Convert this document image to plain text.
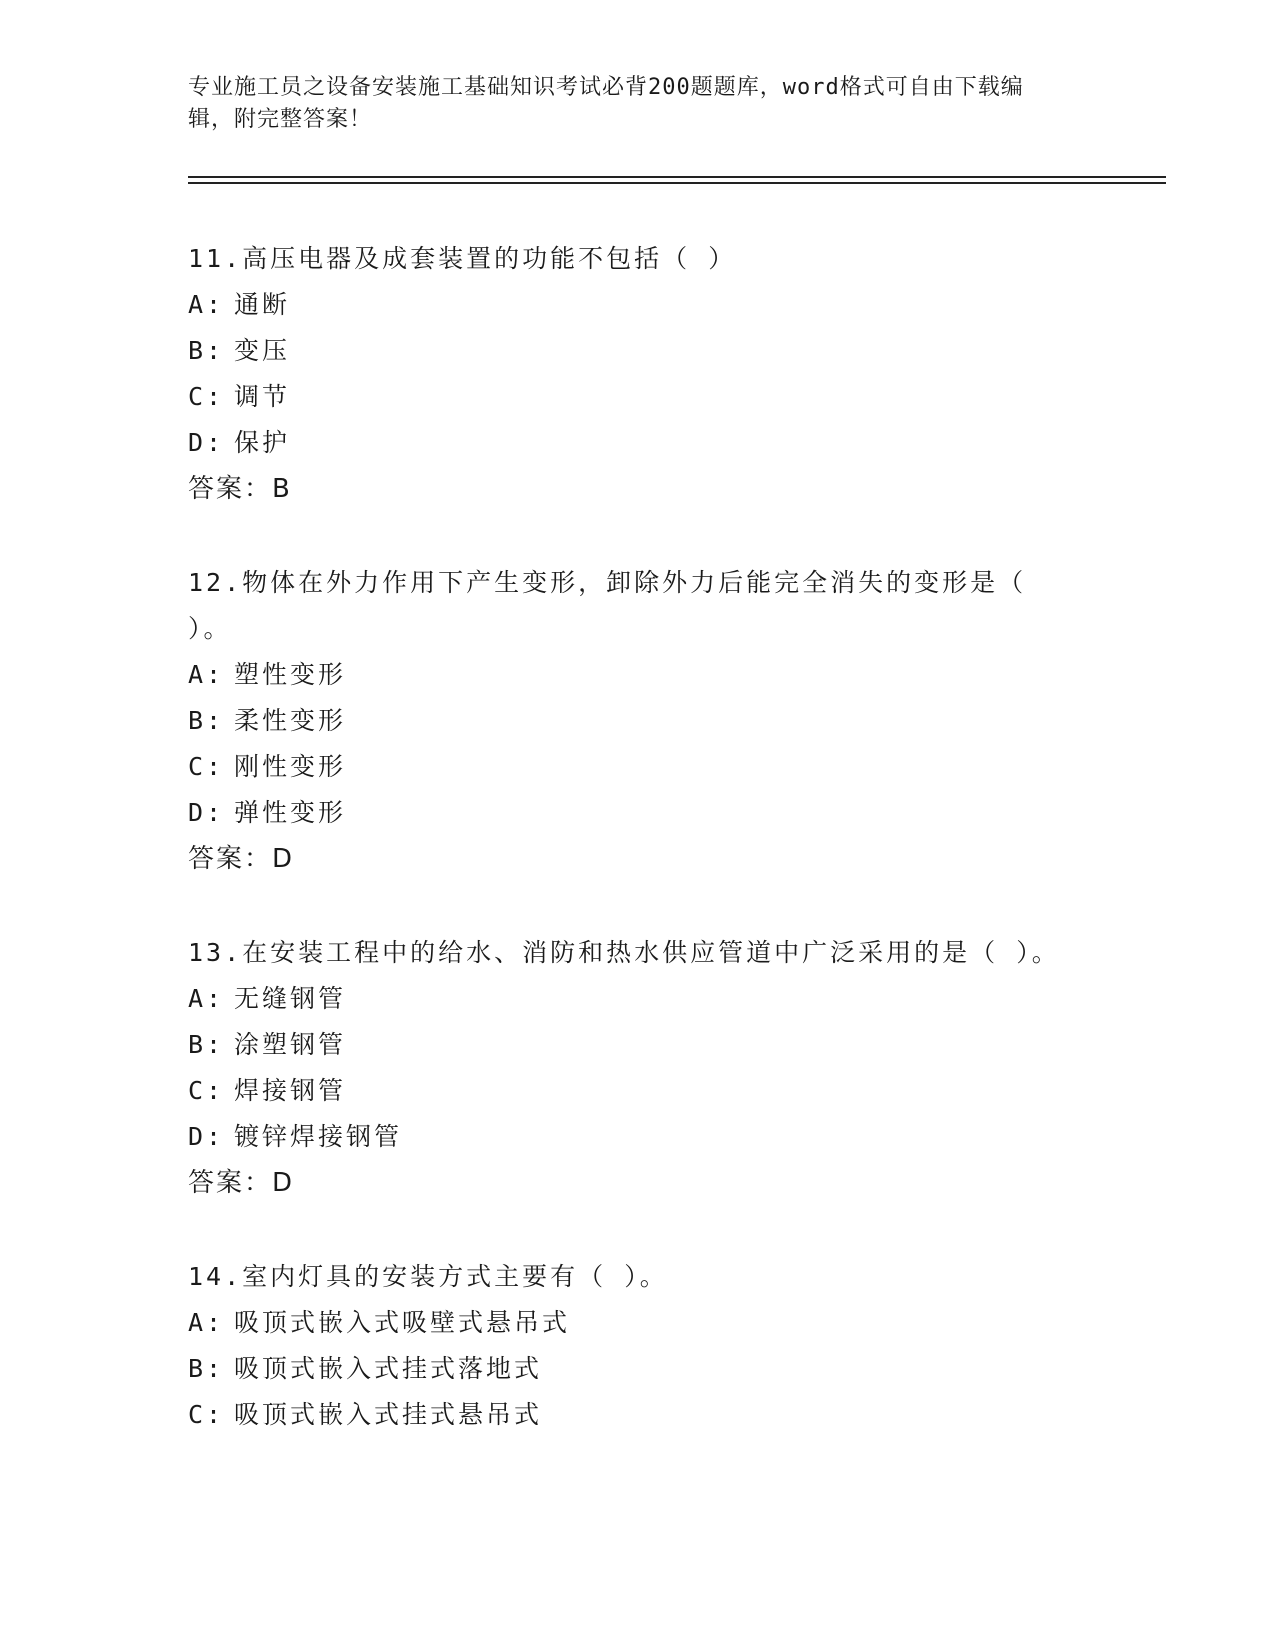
专业施工员之设备安装施工基础知识考试必背200题题库，word格式可自由下载编辑，附完整答案！
11.高压电器及成套装置的功能不包括（ ）
A: 通断
B: 变压
C: 调节
D: 保护
答案：B
12.物体在外力作用下产生变形，卸除外力后能完全消失的变形是（ ）。
A: 塑性变形
B: 柔性变形
C: 刚性变形
D: 弹性变形
答案：D
13.在安装工程中的给水、消防和热水供应管道中广泛采用的是（ ）。
A: 无缝钢管
B: 涂塑钢管
C: 焊接钢管
D: 镀锌焊接钢管
答案：D
14.室内灯具的安装方式主要有（ ）。
A: 吸顶式嵌入式吸壁式悬吊式
B: 吸顶式嵌入式挂式落地式
C: 吸顶式嵌入式挂式悬吊式
